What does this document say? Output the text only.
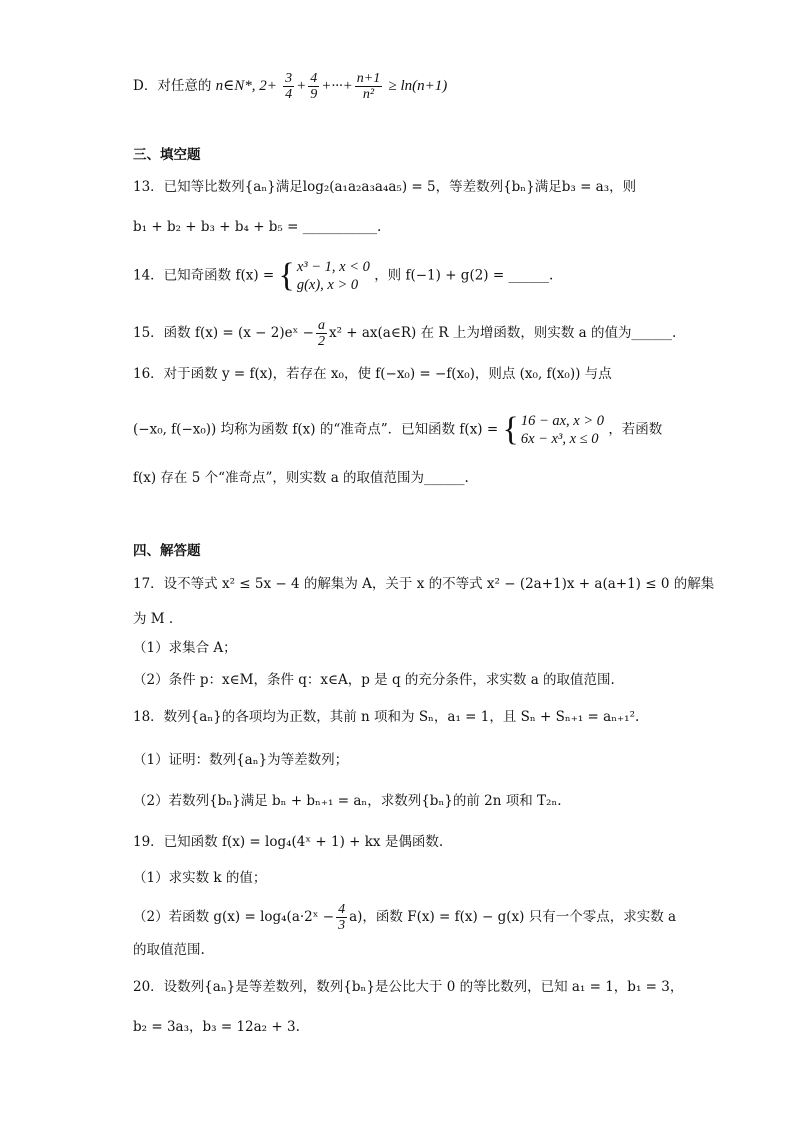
D．对任意的 n∈N*, $2+ \frac{3}{4} + \frac{4}{9}$ +···+ $\frac{n+1}{\text{n²}} \ge \ln(n+1)$
三、填空题
13．已知等比数列{aₙ}满足log₂(a₁a₂a₃a₄a₅) = 5，等差数列{bₙ}满足b₃ = a₃，则
b₁ + b₂ + b₃ + b₄ + b₅ = ___________.
14．已知奇函数 f(x) = { x³ − 1, x < 0
g(x), x > 0
，则 f(−1) + g(2) = ______.
15．函数 f(x) = (x − 2)eˣ − $\frac{a}{2} x^2$ + ax(a∈R) 在 R 上为增函数，则实数 a 的值为______.
16．对于函数 y = f(x)，若存在 x₀，使 f(−x₀) = −f(x₀)，则点 (x₀, f(x₀)) 与点
(−x₀, f(−x₀)) 均称为函数 f(x) 的“准奇点”．已知函数 f(x) = { 16 − ax, x > 0
6x − x³, x ≤ 0
，若函数
f(x) 存在 5 个“准奇点”，则实数 a 的取值范围为______.
四、解答题
17．设不等式 x² ≤ 5x − 4 的解集为 A，关于 x 的不等式 x² − (2a+1)x + a(a+1) ≤ 0 的解集
为 M .
（1）求集合 A；
（2）条件 p：x∈M，条件 q：x∈A，p 是 q 的充分条件，求实数 a 的取值范围.
18．数列{aₙ}的各项均为正数，其前 n 项和为 Sₙ，a₁ = 1，且 Sₙ + Sₙ₊₁ = aₙ₊₁².
（1）证明：数列{aₙ}为等差数列；
（2）若数列{bₙ}满足 bₙ + bₙ₊₁ = aₙ，求数列{bₙ}的前 2n 项和 T₂ₙ.
19．已知函数 f(x) = log₄(4ˣ + 1) + kx 是偶函数.
（1）求实数 k 的值；
（2）若函数 g(x) = log₄(a·2ˣ − $\frac{4}{3} a$)，函数 F(x) = f(x) − g(x) 只有一个零点，求实数 a
的取值范围.
20．设数列{aₙ}是等差数列，数列{bₙ}是公比大于 0 的等比数列，已知 a₁ = 1，b₁ = 3，
b₂ = 3a₃，b₃ = 12a₂ + 3.
